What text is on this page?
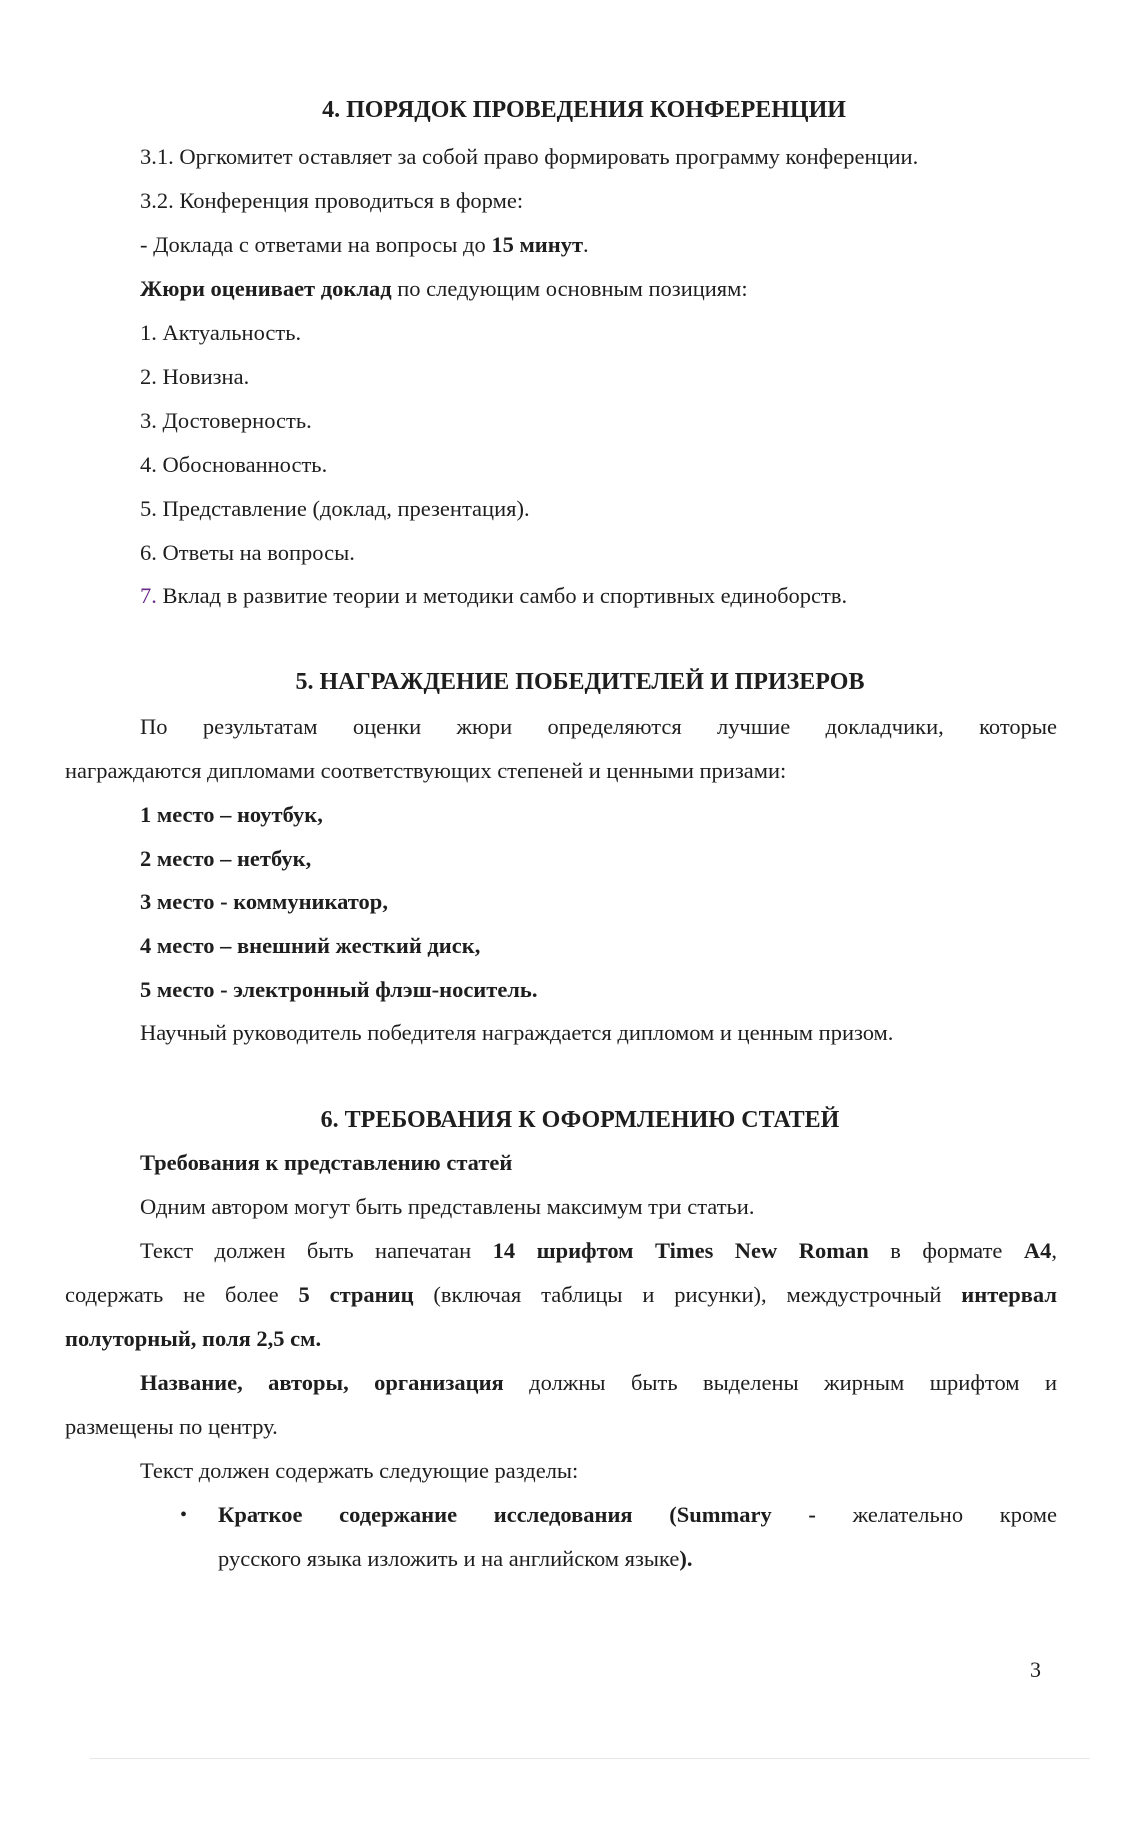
4. ПОРЯДОК ПРОВЕДЕНИЯ КОНФЕРЕНЦИИ
3.1. Оргкомитет оставляет за собой право формировать программу конференции.
3.2. Конференция проводиться в форме:
- Доклада с ответами на вопросы до 15 минут.
Жюри оценивает доклад по следующим основным позициям:
1. Актуальность.
2. Новизна.
3. Достоверность.
4. Обоснованность.
5. Представление (доклад, презентация).
6. Ответы на вопросы.
7. Вклад в развитие теории и методики самбо и спортивных единоборств.
5. НАГРАЖДЕНИЕ ПОБЕДИТЕЛЕЙ И ПРИЗЕРОВ
По результатам оценки жюри определяются лучшие докладчики, которые
награждаются дипломами соответствующих степеней и ценными призами:
1 место – ноутбук,
2 место – нетбук,
3 место - коммуникатор,
4 место – внешний жесткий диск,
5 место - электронный флэш-носитель.
Научный руководитель победителя награждается дипломом и ценным призом.
6. ТРЕБОВАНИЯ К ОФОРМЛЕНИЮ СТАТЕЙ
Требования к представлению статей
Одним автором могут быть представлены максимум три статьи.
Текст должен быть напечатан 14 шрифтом Times New Roman в формате А4,
содержать не более 5 страниц (включая таблицы и рисунки), междустрочный интервал
полуторный, поля 2,5 см.
Название, авторы, организация должны быть выделены жирным шрифтом и
размещены по центру.
Текст должен содержать следующие разделы:
• Краткое содержание исследования (Summary - желательно кроме
русского языка изложить и на английском языке).
3
